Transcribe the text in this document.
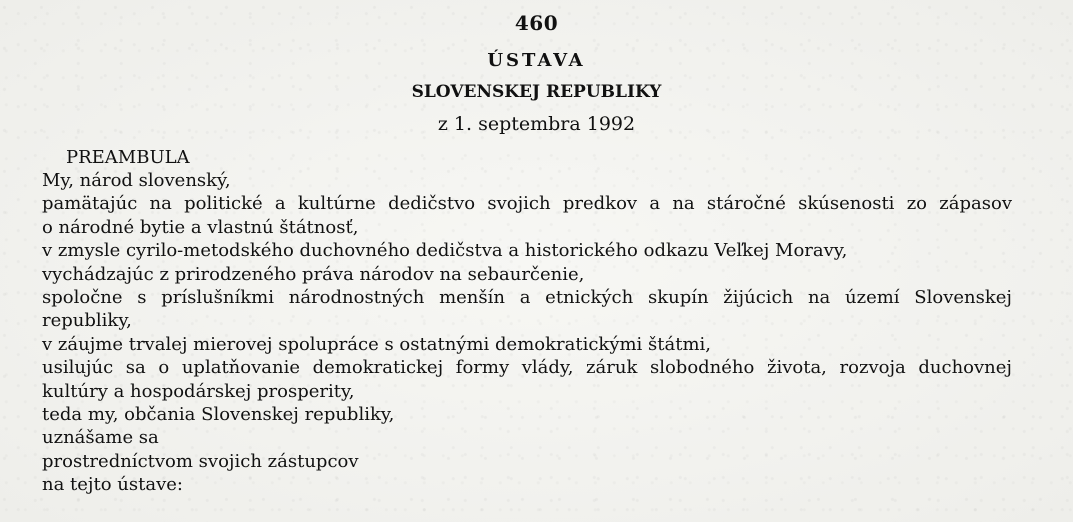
460
ÚSTAVA
SLOVENSKEJ REPUBLIKY
z 1. septembra 1992
PREAMBULA
My, národ slovenský,
pamätajúc na politické a kultúrne dedičstvo svojich predkov a na stáročné skúsenosti zo zápasov
o národné bytie a vlastnú štátnosť,
v zmysle cyrilo-metodského duchovného dedičstva a historického odkazu Veľkej Moravy,
vychádzajúc z prirodzeného práva národov na sebaurčenie,
spoločne s príslušníkmi národnostných menšín a etnických skupín žijúcich na území Slovenskej
republiky,
v záujme trvalej mierovej spolupráce s ostatnými demokratickými štátmi,
usilujúc sa o uplatňovanie demokratickej formy vlády, záruk slobodného života, rozvoja duchovnej
kultúry a hospodárskej prosperity,
teda my, občania Slovenskej republiky,
uznášame sa
prostredníctvom svojich zástupcov
na tejto ústave:
